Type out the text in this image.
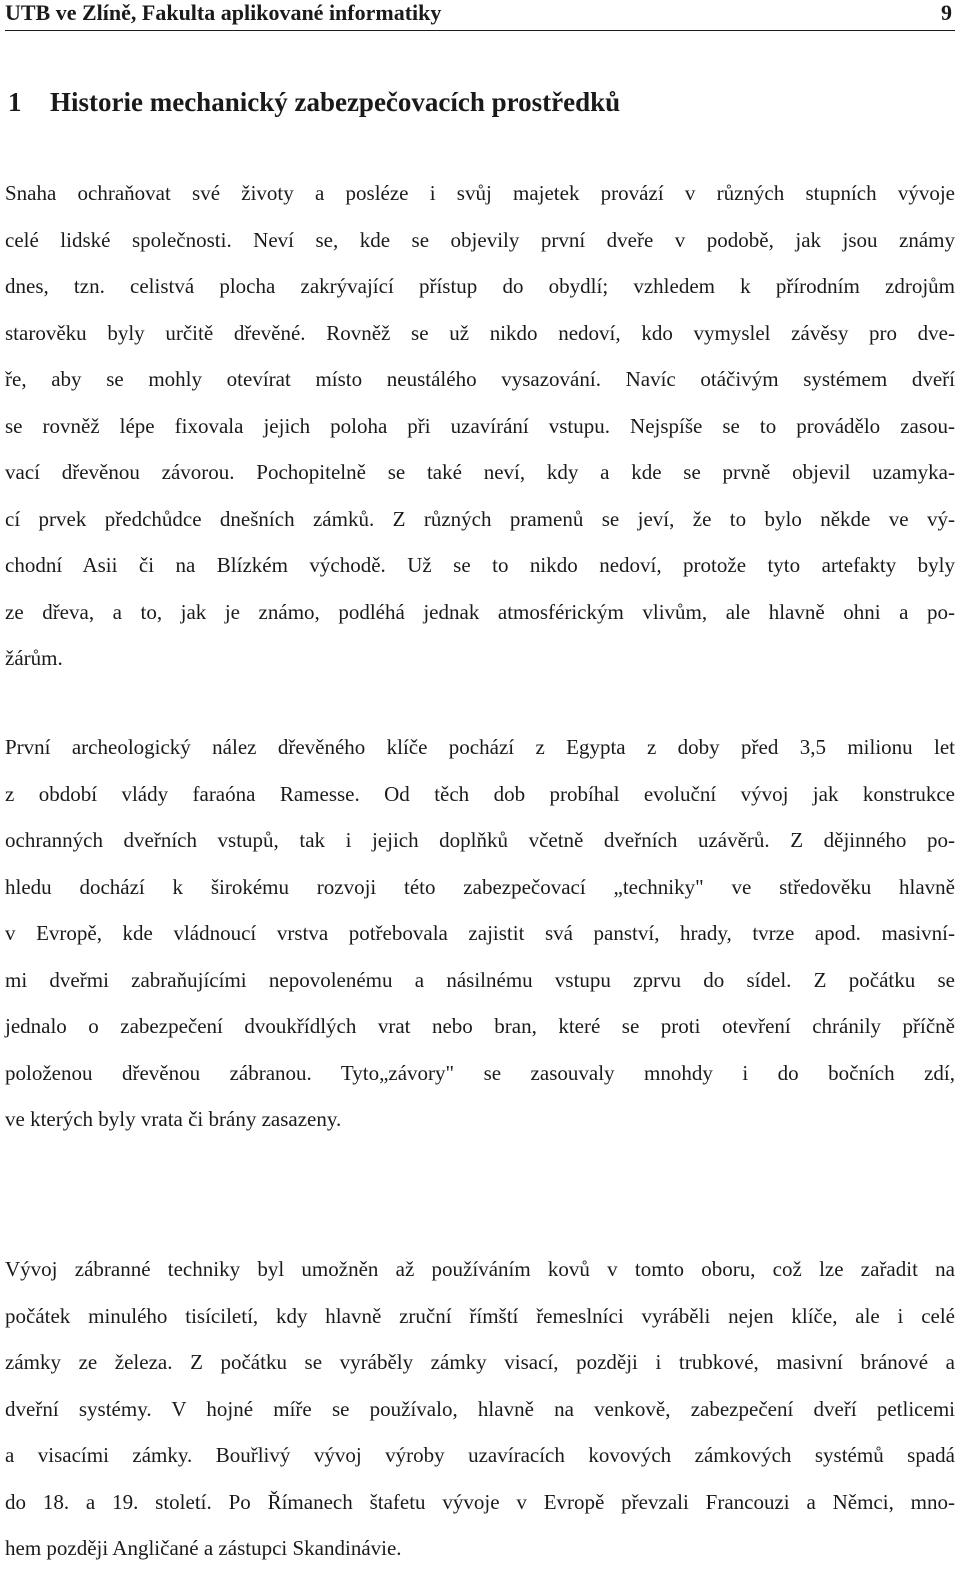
UTB ve Zlíně, Fakulta aplikované informatiky	9
1 Historie mechanický zabezpečovacích prostředků

Snaha ochraňovat své životy a posléze i svůj majetek provází v různých stupních vývoje
celé lidské společnosti. Neví se, kde se objevily první dveře v podobě, jak jsou známy
dnes, tzn. celistvá plocha zakrývající přístup do obydlí; vzhledem k přírodním zdrojům
starověku byly určitě dřevěné. Rovněž se už nikdo nedoví, kdo vymyslel závěsy pro dve-
ře, aby se mohly otevírat místo neustálého vysazování. Navíc otáčivým systémem dveří
se rovněž lépe fixovala jejich poloha při uzavírání vstupu. Nejspíše se to provádělo zasou-
vací dřevěnou závorou. Pochopitelně se také neví, kdy a kde se prvně objevil uzamyka-
cí prvek předchůdce dnešních zámků. Z různých pramenů se jeví, že to bylo někde ve vý-
chodní Asii či na Blízkém východě. Už se to nikdo nedoví, protože tyto artefakty byly
ze dřeva, a to, jak je známo, podléhá jednak atmosférickým vlivům, ale hlavně ohni a po-
žárům.

První archeologický nález dřevěného klíče pochází z Egypta z doby před 3,5 milionu let
z období vlády faraóna Ramesse. Od těch dob probíhal evoluční vývoj jak konstrukce
ochranných dveřních vstupů, tak i jejich doplňků včetně dveřních uzávěrů. Z dějinného po-
hledu dochází k širokému rozvoji této zabezpečovací „techniky" ve středověku hlavně
v Evropě, kde vládnoucí vrstva potřebovala zajistit svá panství, hrady, tvrze apod. masivní-
mi dveřmi zabraňujícími nepovolenému a násilnému vstupu zprvu do sídel. Z počátku se
jednalo o zabezpečení dvoukřídlých vrat nebo bran, které se proti otevření chránily příčně
položenou dřevěnou zábranou. Tyto„závory" se zasouvaly mnohdy i do bočních zdí,
ve kterých byly vrata či brány zasazeny.

Vývoj zábranné techniky byl umožněn až používáním kovů v tomto oboru, což lze zařadit na
počátek minulého tisíciletí, kdy hlavně zruční římští řemeslníci vyráběli nejen klíče, ale i celé
zámky ze železa. Z počátku se vyráběly zámky visací, později i trubkové, masivní bránové a
dveřní systémy. V hojné míře se používalo, hlavně na venkově, zabezpečení dveří petlicemi
a visacími zámky. Bouřlivý vývoj výroby uzavíracích kovových zámkových systémů spadá
do 18. a 19. století. Po Římanech štafetu vývoje v Evropě převzali Francouzi a Němci, mno-
hem později Angličané a zástupci Skandinávie.
